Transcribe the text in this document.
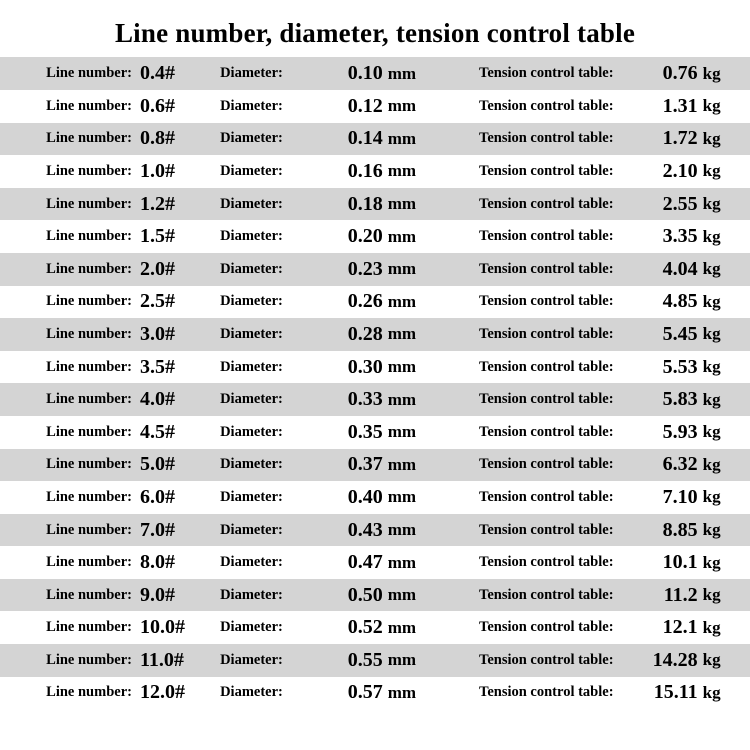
Line number, diameter, tension control table
Line number:	0.4#	Diameter:	0.10	mm	Tension control table:	0.76	kg
Line number:	0.6#	Diameter:	0.12	mm	Tension control table:	1.31	kg
Line number:	0.8#	Diameter:	0.14	mm	Tension control table:	1.72	kg
Line number:	1.0#	Diameter:	0.16	mm	Tension control table:	2.10	kg
Line number:	1.2#	Diameter:	0.18	mm	Tension control table:	2.55	kg
Line number:	1.5#	Diameter:	0.20	mm	Tension control table:	3.35	kg
Line number:	2.0#	Diameter:	0.23	mm	Tension control table:	4.04	kg
Line number:	2.5#	Diameter:	0.26	mm	Tension control table:	4.85	kg
Line number:	3.0#	Diameter:	0.28	mm	Tension control table:	5.45	kg
Line number:	3.5#	Diameter:	0.30	mm	Tension control table:	5.53	kg
Line number:	4.0#	Diameter:	0.33	mm	Tension control table:	5.83	kg
Line number:	4.5#	Diameter:	0.35	mm	Tension control table:	5.93	kg
Line number:	5.0#	Diameter:	0.37	mm	Tension control table:	6.32	kg
Line number:	6.0#	Diameter:	0.40	mm	Tension control table:	7.10	kg
Line number:	7.0#	Diameter:	0.43	mm	Tension control table:	8.85	kg
Line number:	8.0#	Diameter:	0.47	mm	Tension control table:	10.1	kg
Line number:	9.0#	Diameter:	0.50	mm	Tension control table:	11.2	kg
Line number:	10.0#	Diameter:	0.52	mm	Tension control table:	12.1	kg
Line number:	11.0#	Diameter:	0.55	mm	Tension control table:	14.28	kg
Line number:	12.0#	Diameter:	0.57	mm	Tension control table:	15.11	kg
